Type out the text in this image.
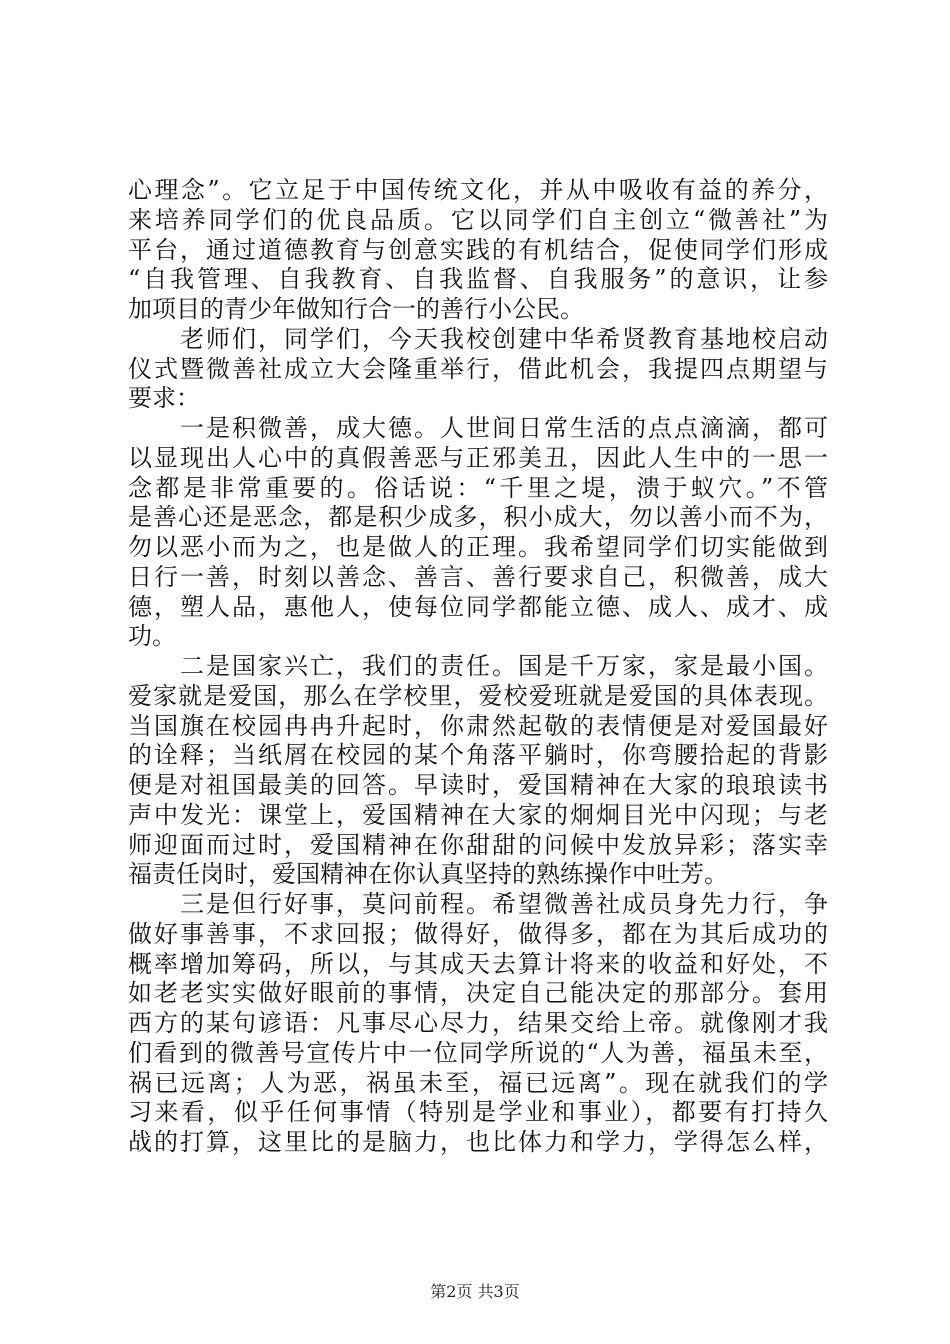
心理念”。它立足于中国传统文化，并从中吸收有益的养分，
来培养同学们的优良品质。它以同学们自主创立“微善社”为
平台，通过道德教育与创意实践的有机结合，促使同学们形成
“自我管理、自我教育、自我监督、自我服务”的意识，让参
加项目的青少年做知行合一的善行小公民。
　　老师们，同学们，今天我校创建中华希贤教育基地校启动
仪式暨微善社成立大会隆重举行，借此机会，我提四点期望与
要求：
　　一是积微善，成大德。人世间日常生活的点点滴滴，都可
以显现出人心中的真假善恶与正邪美丑，因此人生中的一思一
念都是非常重要的。俗话说：“千里之堤，溃于蚁穴。”不管
是善心还是恶念，都是积少成多，积小成大，勿以善小而不为，
勿以恶小而为之，也是做人的正理。我希望同学们切实能做到
日行一善，时刻以善念、善言、善行要求自己，积微善，成大
德，塑人品，惠他人，使每位同学都能立德、成人、成才、成
功。
　　二是国家兴亡，我们的责任。国是千万家，家是最小国。
爱家就是爱国，那么在学校里，爱校爱班就是爱国的具体表现。
当国旗在校园冉冉升起时，你肃然起敬的表情便是对爱国最好
的诠释；当纸屑在校园的某个角落平躺时，你弯腰拾起的背影
便是对祖国最美的回答。早读时，爱国精神在大家的琅琅读书
声中发光：课堂上，爱国精神在大家的炯炯目光中闪现；与老
师迎面而过时，爱国精神在你甜甜的问候中发放异彩；落实幸
福责任岗时，爱国精神在你认真坚持的熟练操作中吐芳。
　　三是但行好事，莫问前程。希望微善社成员身先力行，争
做好事善事，不求回报；做得好，做得多，都在为其后成功的
概率增加筹码，所以，与其成天去算计将来的收益和好处，不
如老老实实做好眼前的事情，决定自己能决定的那部分。套用
西方的某句谚语：凡事尽心尽力，结果交给上帝。就像刚才我
们看到的微善号宣传片中一位同学所说的“人为善，福虽未至，
祸已远离；人为恶，祸虽未至，福已远离”。现在就我们的学
习来看，似乎任何事情（特别是学业和事业），都要有打持久
战的打算，这里比的是脑力，也比体力和学力，学得怎么样，
第2页 共3页
